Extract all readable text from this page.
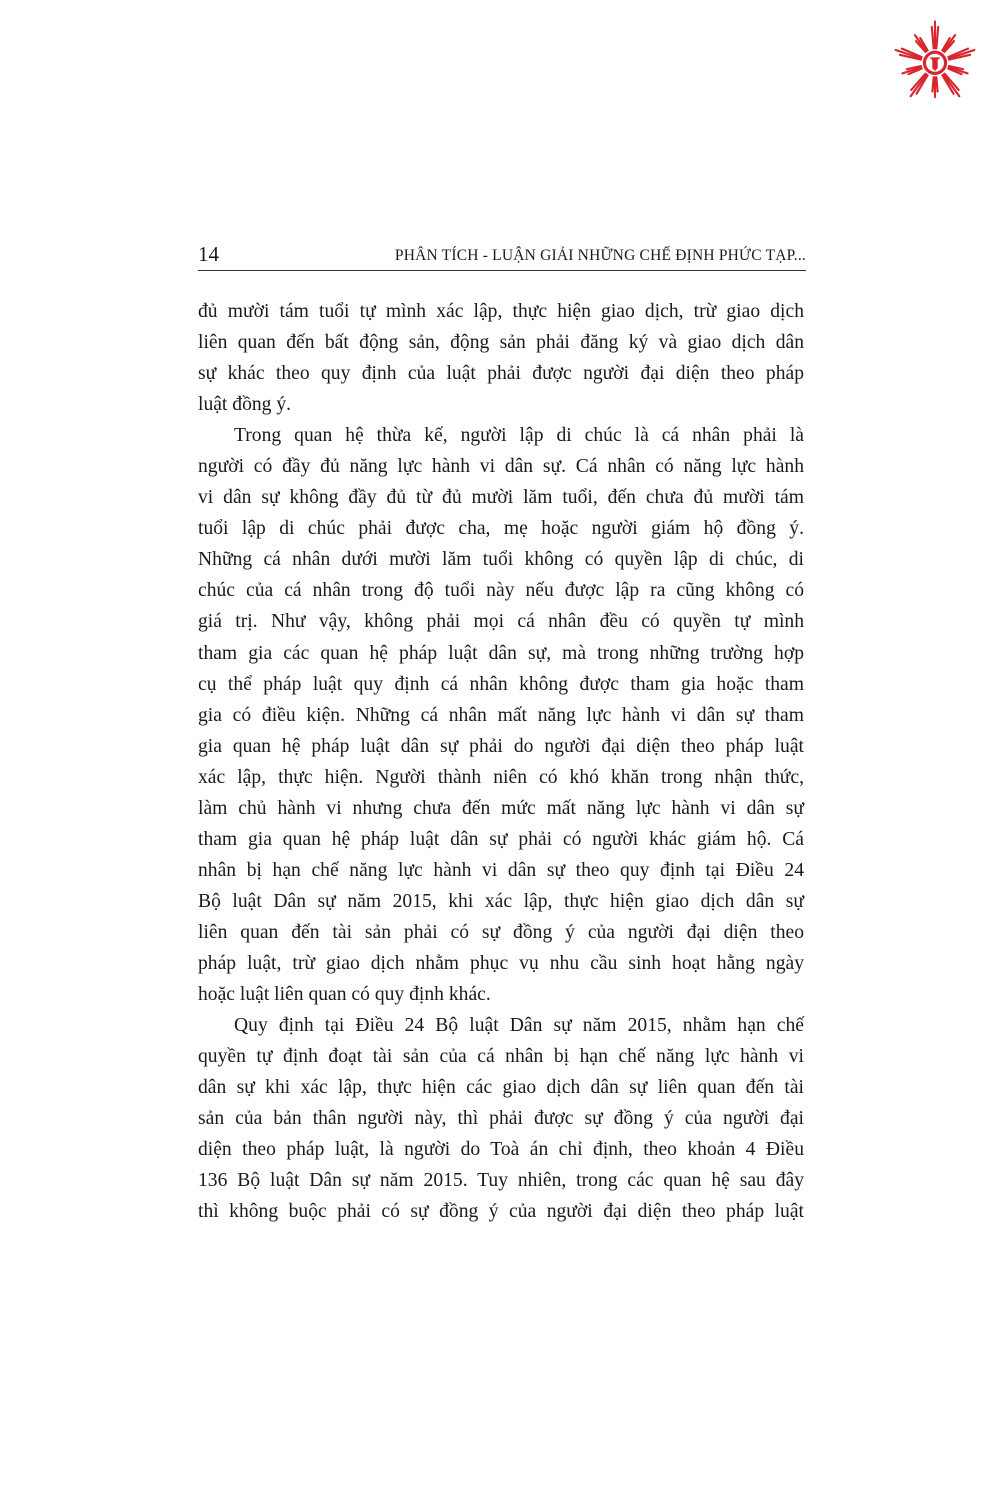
14	PHÂN TÍCH - LUẬN GIẢI NHỮNG CHẾ ĐỊNH PHỨC TẠP...
đủ mười tám tuổi tự mình xác lập, thực hiện giao dịch, trừ giao dịch
liên quan đến bất động sản, động sản phải đăng ký và giao dịch dân
sự khác theo quy định của luật phải được người đại diện theo pháp
luật đồng ý.
Trong quan hệ thừa kế, người lập di chúc là cá nhân phải là
người có đầy đủ năng lực hành vi dân sự. Cá nhân có năng lực hành
vi dân sự không đầy đủ từ đủ mười lăm tuổi, đến chưa đủ mười tám
tuổi lập di chúc phải được cha, mẹ hoặc người giám hộ đồng ý.
Những cá nhân dưới mười lăm tuổi không có quyền lập di chúc, di
chúc của cá nhân trong độ tuổi này nếu được lập ra cũng không có
giá trị. Như vậy, không phải mọi cá nhân đều có quyền tự mình
tham gia các quan hệ pháp luật dân sự, mà trong những trường hợp
cụ thể pháp luật quy định cá nhân không được tham gia hoặc tham
gia có điều kiện. Những cá nhân mất năng lực hành vi dân sự tham
gia quan hệ pháp luật dân sự phải do người đại diện theo pháp luật
xác lập, thực hiện. Người thành niên có khó khăn trong nhận thức,
làm chủ hành vi nhưng chưa đến mức mất năng lực hành vi dân sự
tham gia quan hệ pháp luật dân sự phải có người khác giám hộ. Cá
nhân bị hạn chế năng lực hành vi dân sự theo quy định tại Điều 24
Bộ luật Dân sự năm 2015, khi xác lập, thực hiện giao dịch dân sự
liên quan đến tài sản phải có sự đồng ý của người đại diện theo
pháp luật, trừ giao dịch nhằm phục vụ nhu cầu sinh hoạt hằng ngày
hoặc luật liên quan có quy định khác.
Quy định tại Điều 24 Bộ luật Dân sự năm 2015, nhằm hạn chế
quyền tự định đoạt tài sản của cá nhân bị hạn chế năng lực hành vi
dân sự khi xác lập, thực hiện các giao dịch dân sự liên quan đến tài
sản của bản thân người này, thì phải được sự đồng ý của người đại
diện theo pháp luật, là người do Toà án chỉ định, theo khoản 4 Điều
136 Bộ luật Dân sự năm 2015. Tuy nhiên, trong các quan hệ sau đây
thì không buộc phải có sự đồng ý của người đại diện theo pháp luật
